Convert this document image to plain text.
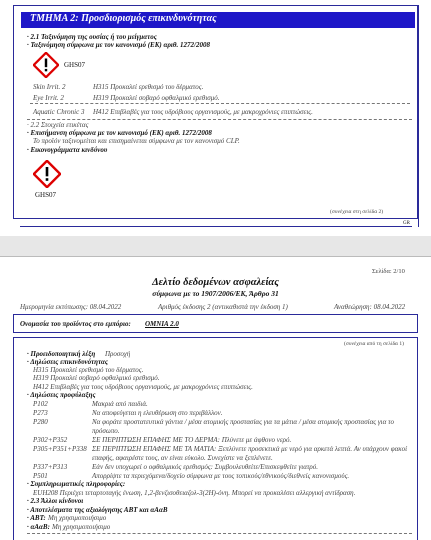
ΤΜΗΜΑ 2: Προσδιορισμός επικινδυνότητας
· 2.1 Ταξινόμηση της ουσίας ή του μείγματος
· Ταξινόμηση σύμφωνα με τον κανονισμό (ΕΚ) αριθ. 1272/2008
GHS07
Skin Irrit. 2	H315 Προκαλεί ερεθισμό του δέρματος.
Eye Irrit. 2	H319 Προκαλεί σοβαρό οφθαλμικό ερεθισμό.
Aquatic Chronic 3 H412 Επιβλαβές για τους υδρόβιους οργανισμούς, με μακροχρόνιες επιπτώσεις.
· 2.2 Στοιχεία ετικέτας
· Επισήμανση σύμφωνα με τον κανονισμό (ΕΚ) αριθ. 1272/2008
Το προϊόν ταξινομείται και επισημαίνεται σύμφωνα με τον κανονισμό CLP.
· Εικονογράμματα κινδύνου
GHS07
(συνέχεια στη σελίδα 2)
GR
Σελίδα: 2/10
Δελτίο δεδομένων ασφαλείας
σύμφωνα με το 1907/2006/ΕΚ, Άρθρο 31
Ημερομηνία εκτύπωσης: 08.04.2022	Αριθμός έκδοσης 2 (αντικαθιστά την έκδοση 1)	Αναθεώρηση: 08.04.2022
Ονομασία του προϊόντος στο εμπόριο: OMNIA 2.0
(συνέχεια από τη σελίδα 1)
· Προειδοποιητική λέξη Προσοχή
· Δηλώσεις επικινδυνότητας
H315 Προκαλεί ερεθισμό του δέρματος.
H319 Προκαλεί σοβαρό οφθαλμικό ερεθισμό.
H412 Επιβλαβές για τους υδρόβιους οργανισμούς, με μακροχρόνιες επιπτώσεις.
· Δηλώσεις προφύλαξης
P102	Μακριά από παιδιά.
P273	Να αποφεύγεται η ελευθέρωση στο περιβάλλον.
P280	Να φοράτε προστατευτικά γάντια / μέσα ατομικής προστασίας για τα μάτια / μέσα ατομικής προστασίας για το πρόσωπο.
P302+P352	ΣΕ ΠΕΡΙΠΤΩΣΗ ΕΠΑΦΗΣ ΜΕ ΤΟ ΔΕΡΜΑ: Πλύνετε με άφθονο νερό.
P305+P351+P338 ΣΕ ΠΕΡΙΠΤΩΣΗ ΕΠΑΦΗΣ ΜΕ ΤΑ ΜΑΤΙΑ: Ξεπλύνετε προσεκτικά με νερό για αρκετά λεπτά. Αν υπάρχουν φακοί επαφής, αφαιρέστε τους, αν είναι εύκολο. Συνεχίστε να ξεπλένετε.
P337+P313	Εάν δεν υποχωρεί ο οφθαλμικός ερεθισμός: Συμβουλευθείτε/Επισκεφθείτε γιατρό.
P501	Απορρίψτε τα περιεχόμενα/δοχείο σύμφωνα με τους τοπικούς/εθνικούς/διεθνείς κανονισμούς.
· Συμπληρωματικές πληροφορίες:
EUH208 Περιέχει τεταρτοταγής ένωση, 1,2-βενζισοθειαζολ-3(2Η)-όνη. Μπορεί να προκαλέσει αλλεργική αντίδραση.
· 2.3 Άλλοι κίνδυνοι
· Αποτελέσματα της αξιολόγησης ΑΒΤ και αΑαΒ
· ΑΒΤ: Μη χρησιμοποιήσιμο
· αΑαΒ: Μη χρησιμοποιήσιμο
